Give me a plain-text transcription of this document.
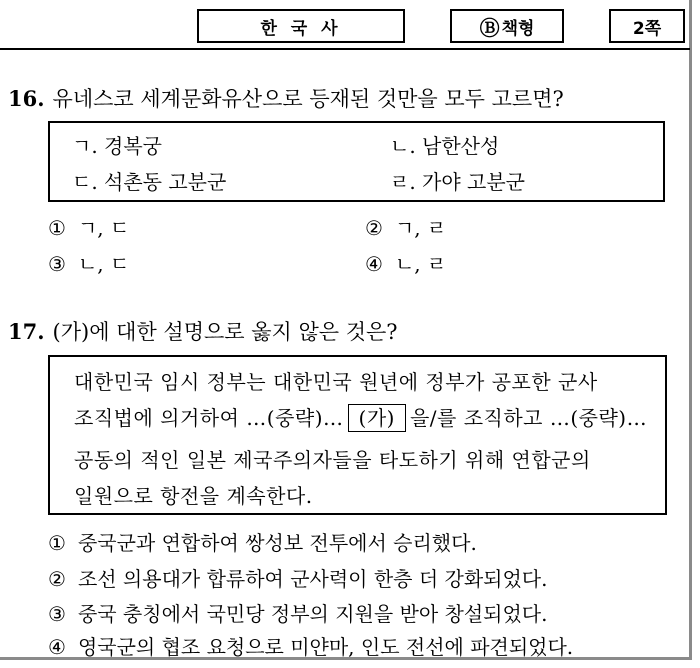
한 국 사	Ⓑ 책형	2쪽
16. 유네스코 세계문화유산으로 등재된 것만을 모두 고르면?
ㄱ. 경복궁	ㄴ. 남한산성
ㄷ. 석촌동 고분군	ㄹ. 가야 고분군
① ㄱ, ㄷ	② ㄱ, ㄹ
③ ㄴ, ㄷ	④ ㄴ, ㄹ
17. (가)에 대한 설명으로 옳지 않은 것은?
대한민국 임시 정부는 대한민국 원년에 정부가 공포한 군사
조직법에 의거하여 …(중략)… (가) 을/를 조직하고 …(중략)…
공동의 적인 일본 제국주의자들을 타도하기 위해 연합군의
일원으로 항전을 계속한다.
① 중국군과 연합하여 쌍성보 전투에서 승리했다.
② 조선 의용대가 합류하여 군사력이 한층 더 강화되었다.
③ 중국 충칭에서 국민당 정부의 지원을 받아 창설되었다.
④ 영국군의 협조 요청으로 미얀마, 인도 전선에 파견되었다.
